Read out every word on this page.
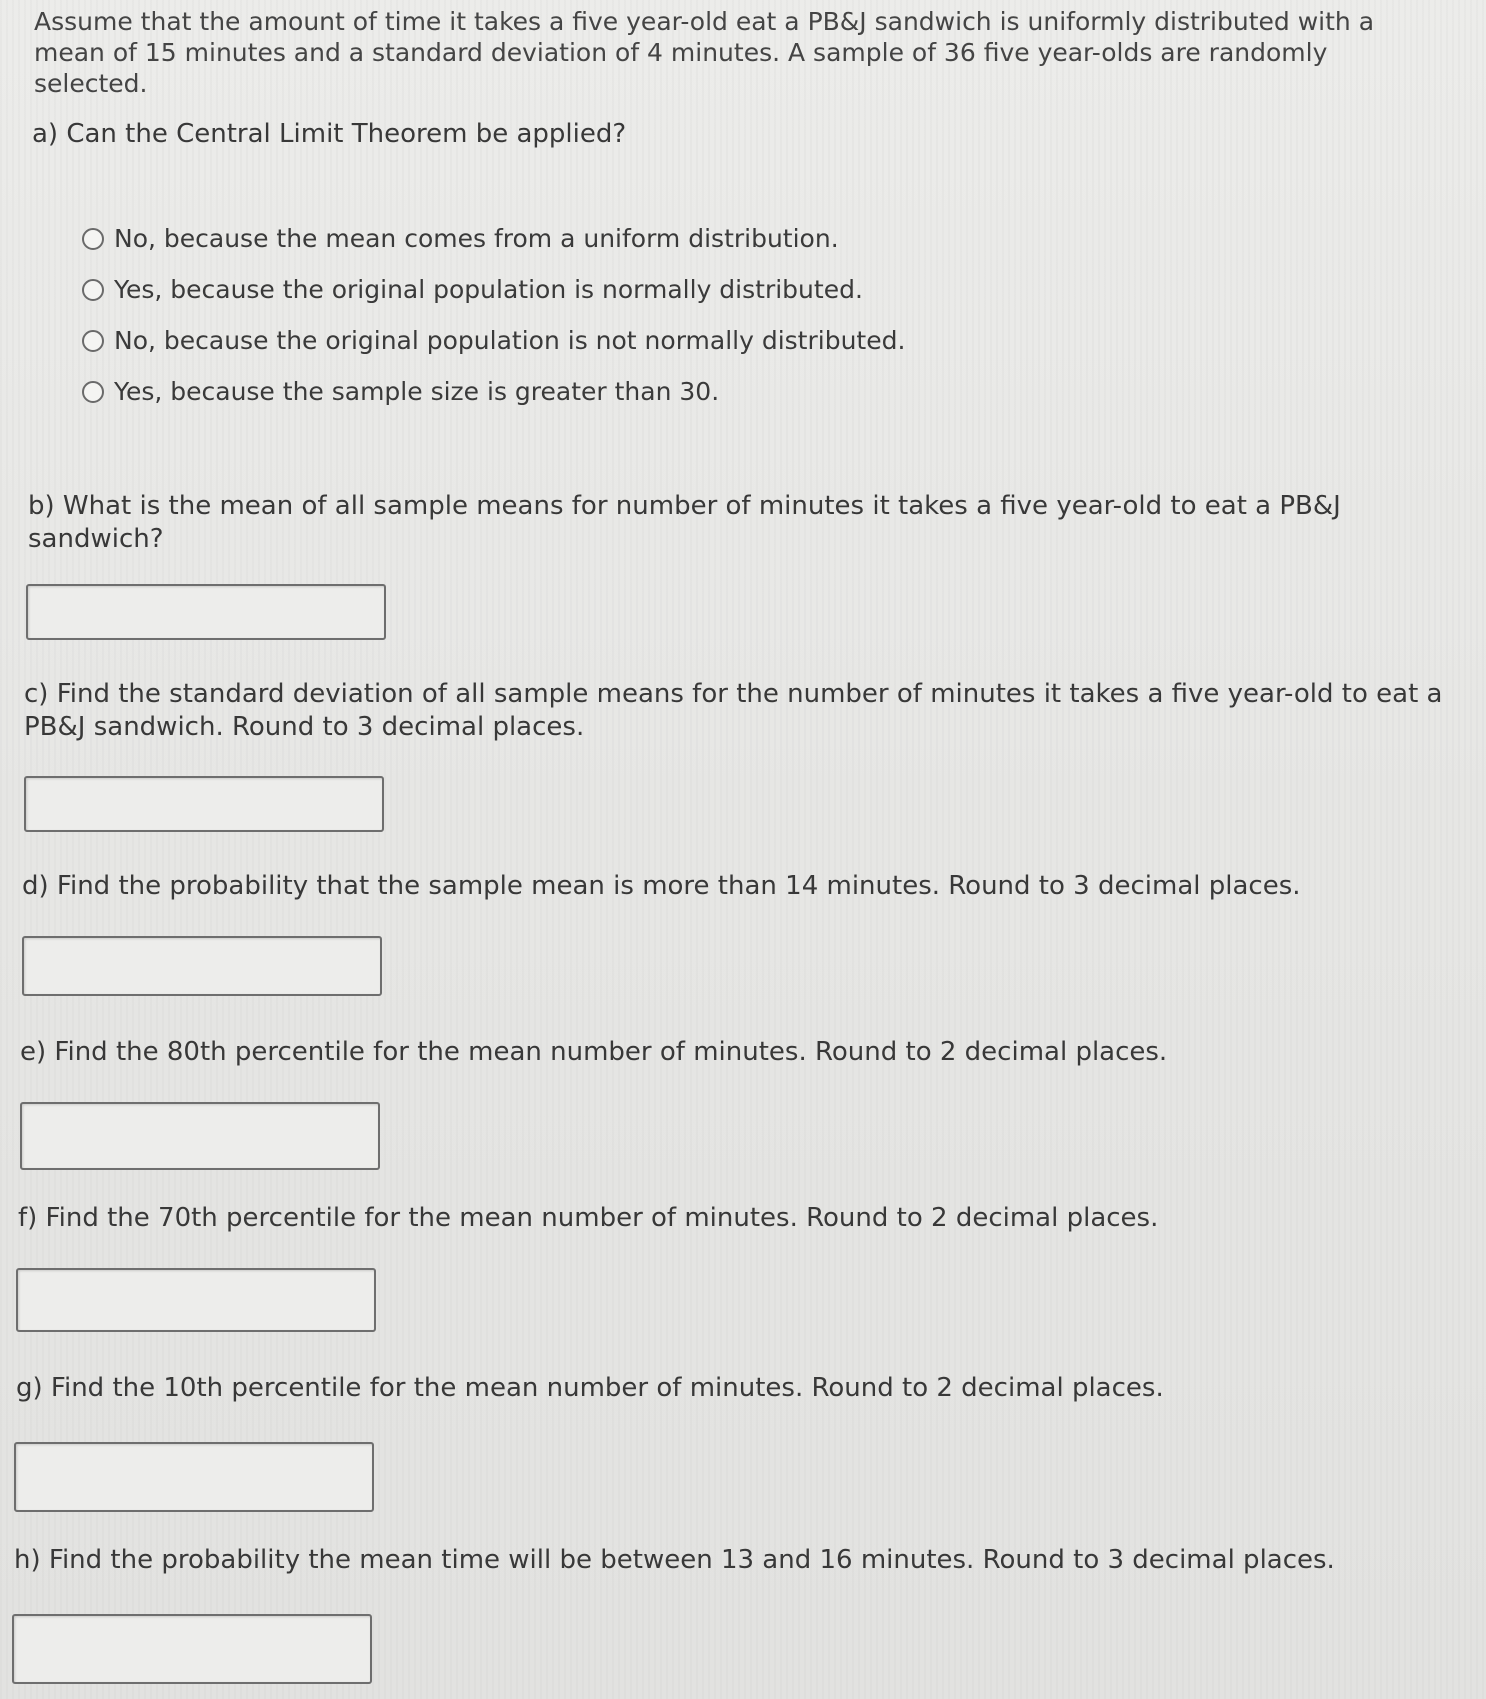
Assume that the amount of time it takes a five year-old eat a PB&J sandwich is uniformly distributed with a mean of 15 minutes and a standard deviation of 4 minutes. A sample of 36 five year-olds are randomly selected.
a) Can the Central Limit Theorem be applied?
No, because the mean comes from a uniform distribution.
Yes, because the original population is normally distributed.
No, because the original population is not normally distributed.
Yes, because the sample size is greater than 30.
b) What is the mean of all sample means for number of minutes it takes a five year-old to eat a PB&J sandwich?
c) Find the standard deviation of all sample means for the number of minutes it takes a five year-old to eat a PB&J sandwich. Round to 3 decimal places.
d) Find the probability that the sample mean is more than 14 minutes. Round to 3 decimal places.
e) Find the 80th percentile for the mean number of minutes. Round to 2 decimal places.
f) Find the 70th percentile for the mean number of minutes. Round to 2 decimal places.
g) Find the 10th percentile for the mean number of minutes. Round to 2 decimal places.
h) Find the probability the mean time will be between 13 and 16 minutes. Round to 3 decimal places.
